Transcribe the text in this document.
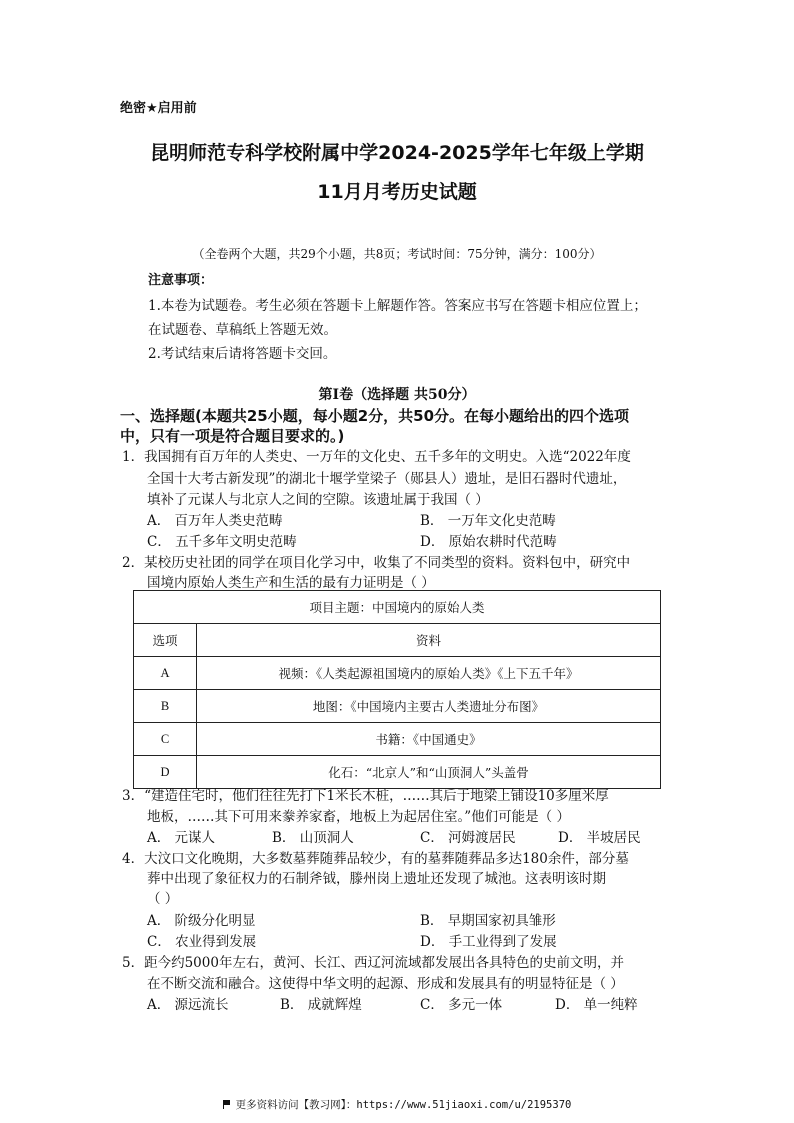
绝密★启用前
昆明师范专科学校附属中学2024-2025学年七年级上学期
11月月考历史试题
（全卷两个大题，共29个小题，共8页；考试时间：75分钟，满分：100分）
注意事项：
1.本卷为试题卷。考生必须在答题卡上解题作答。答案应书写在答题卡相应位置上；
在试题卷、草稿纸上答题无效。
2.考试结束后请将答题卡交回。
第Ⅰ卷（选择题 共50分）
一、选择题(本题共25小题，每小题2分，共50分。在每小题给出的四个选项
中，只有一项是符合题目要求的。)
1．我国拥有百万年的人类史、一万年的文化史、五千多年的文明史。入选“2022年度
全国十大考古新发现”的湖北十堰学堂梁子（郧县人）遗址，是旧石器时代遗址，
填补了元谋人与北京人之间的空隙。该遗址属于我国（ ）
A． 百万年人类史范畴	B． 一万年文化史范畴
C． 五千多年文明史范畴	D． 原始农耕时代范畴
2．某校历史社团的同学在项目化学习中，收集了不同类型的资料。资料包中，研究中
国境内原始人类生产和生活的最有力证明是（ ）
项目主题：中国境内的原始人类	
选项	资料
A	视频：《人类起源祖国境内的原始人类》《上下五千年》
B	地图：《中国境内主要古人类遗址分布图》
C	书籍：《中国通史》
D	化石：“北京人”和“山顶洞人”头盖骨
3．“建造住宅时，他们往往先打下1米长木桩，……其后于地梁上铺设10多厘米厚
地板，……其下可用来豢养家畜，地板上为起居住室。”他们可能是（ ）
A． 元谋人	B． 山顶洞人	C． 河姆渡居民	D． 半坡居民
4．大汶口文化晚期，大多数墓葬随葬品较少，有的墓葬随葬品多达180余件，部分墓
葬中出现了象征权力的石制斧钺，滕州岗上遗址还发现了城池。这表明该时期
（ ）
A． 阶级分化明显	B． 早期国家初具雏形
C． 农业得到发展	D． 手工业得到了发展
5．距今约5000年左右，黄河、长江、西辽河流域都发展出各具特色的史前文明，并
在不断交流和融合。这使得中华文明的起源、形成和发展具有的明显特征是（ ）
A． 源远流长	B． 成就辉煌	C． 多元一体	D． 单一纯粹
更多资料访问【教习网】：https://www.51jiaoxi.com/u/2195370
